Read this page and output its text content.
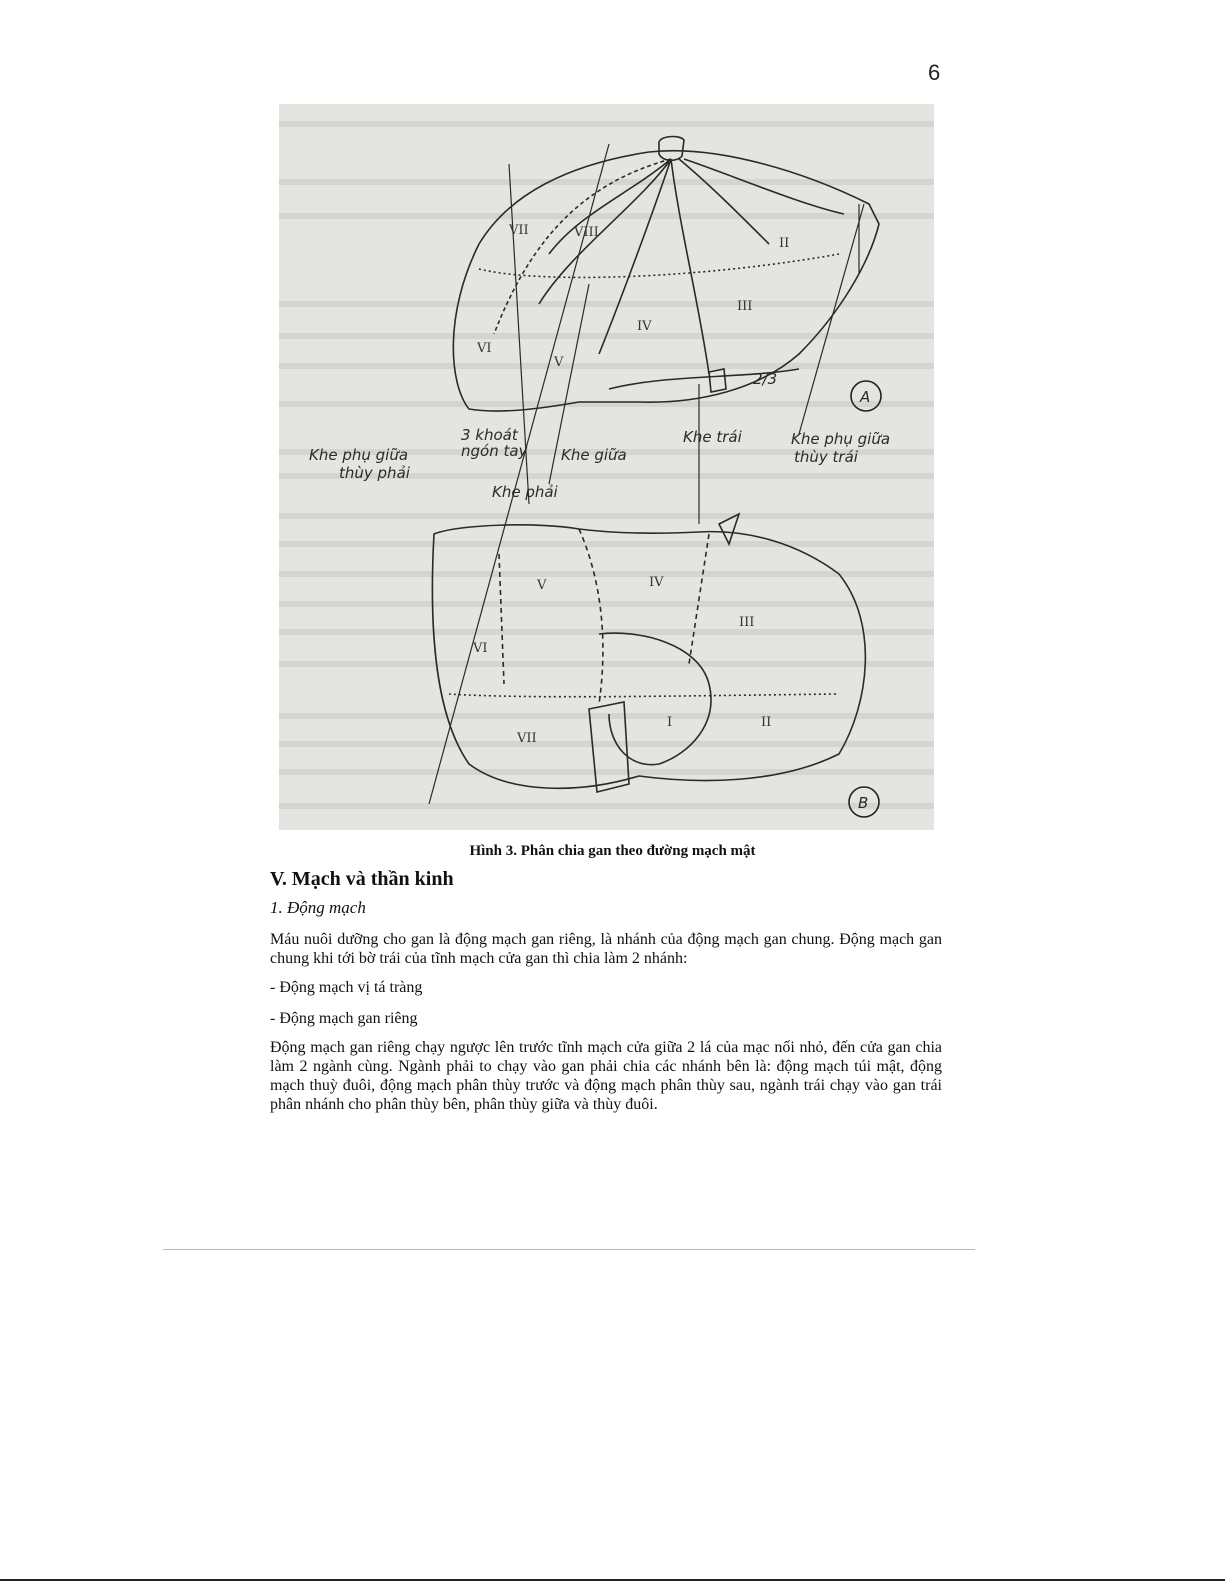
6
VII	VIII
II
III
IV
VI
V
2/3
A
3 khoát
ngón tay
Khe phụ giữa
thùy phải
Khe giữa
Khe trái	Khe phụ giữa
thùy trái
Khe phải
V	IV
III
VI
II
I
VII
B
Hình 3. Phân chia gan theo đường mạch mật
V. Mạch và thần kinh
1. Động mạch

Máu nuôi dưỡng cho gan là động mạch gan riêng, là nhánh của động mạch gan chung. Động mạch gan chung khi tới bờ trái của tĩnh mạch cửa gan thì chia làm 2 nhánh:

- Động mạch vị tá tràng

- Động mạch gan riêng

Động mạch gan riêng chạy ngược lên trước tĩnh mạch cửa giữa 2 lá của mạc nối nhỏ, đến cửa gan chia làm 2 ngành cùng. Ngành phải to chạy vào gan phải chia các nhánh bên là: động mạch túi mật, động mạch thuỳ đuôi, động mạch phân thùy trước và động mạch phân thùy sau, ngành trái chạy vào gan trái phân nhánh cho phân thùy bên, phân thùy giữa và thùy đuôi.
